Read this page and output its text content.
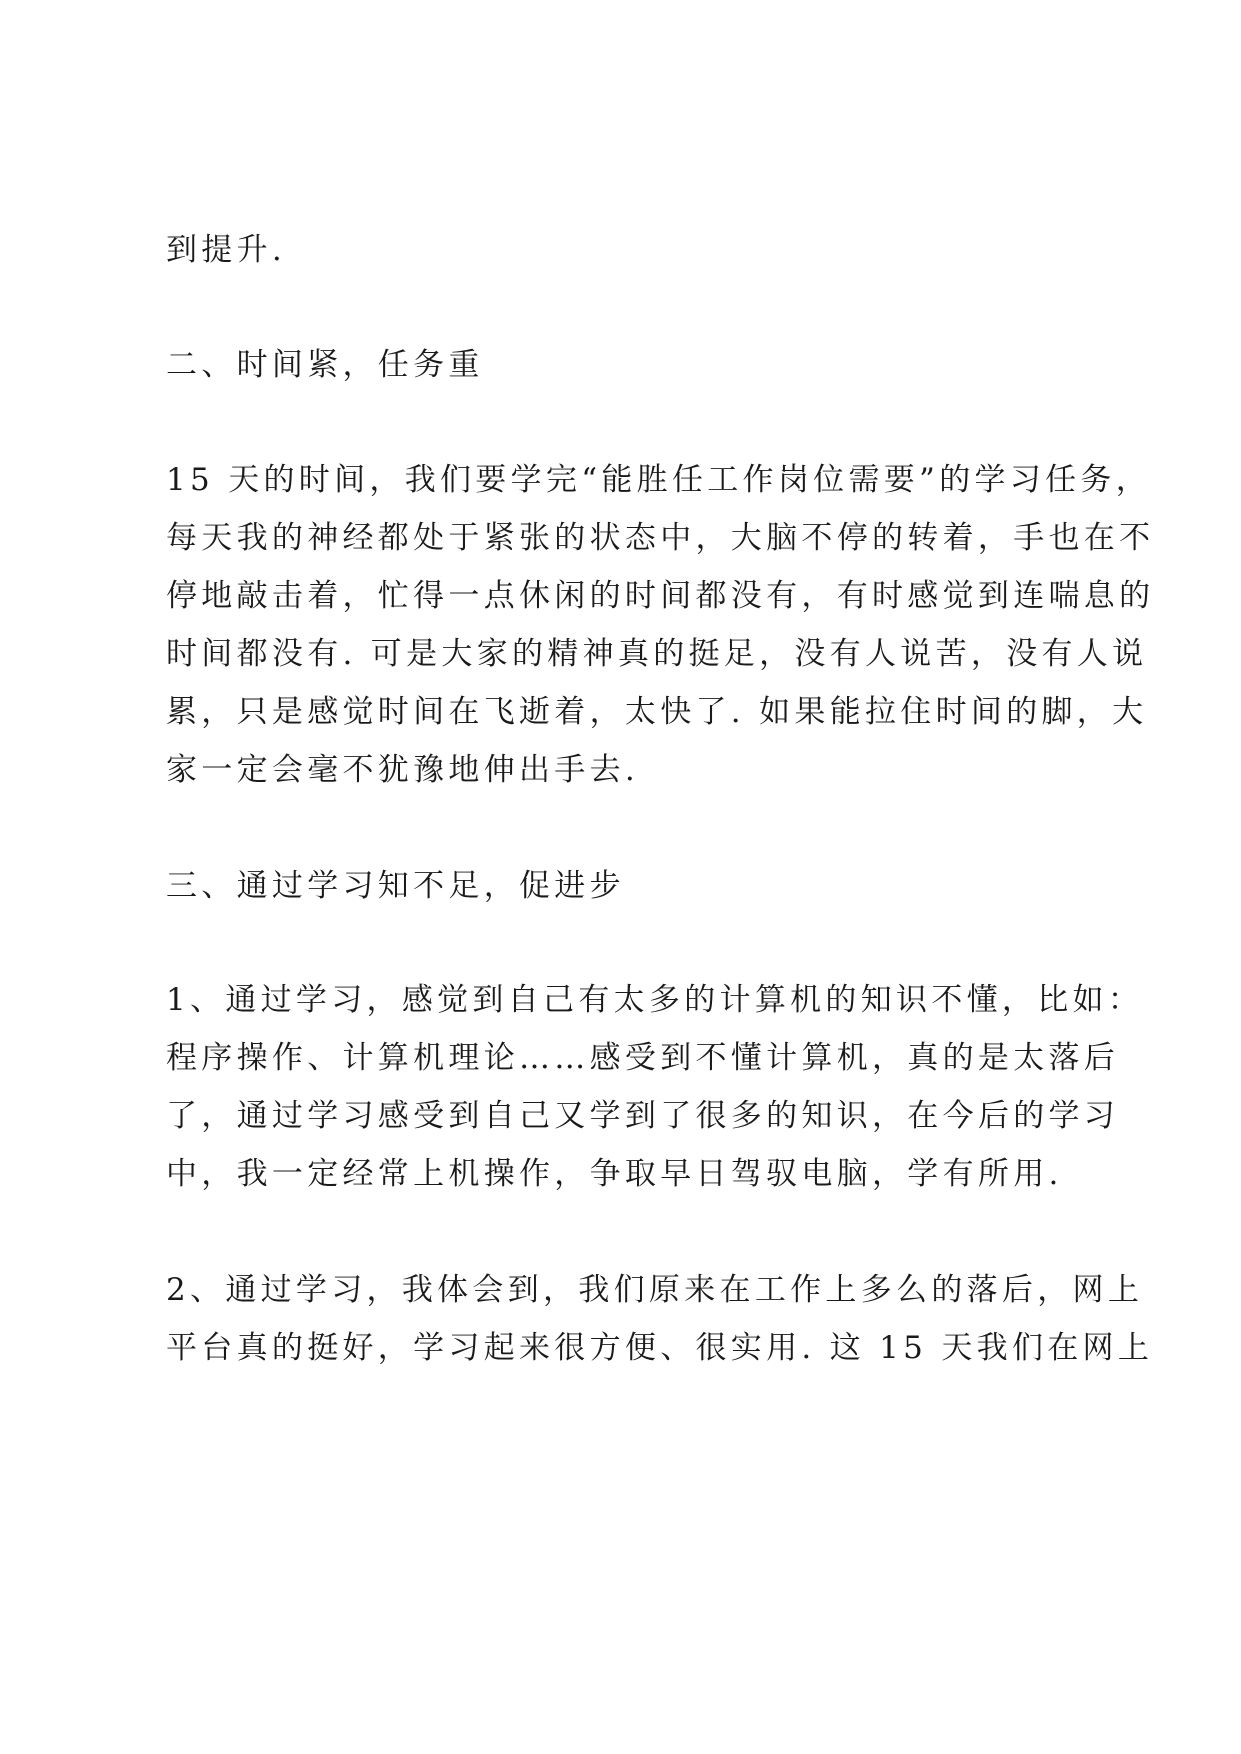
到提升.
二、时间紧，任务重
15 天的时间，我们要学完“能胜任工作岗位需要”的学习任务，
每天我的神经都处于紧张的状态中，大脑不停的转着，手也在不
停地敲击着，忙得一点休闲的时间都没有，有时感觉到连喘息的
时间都没有. 可是大家的精神真的挺足，没有人说苦，没有人说
累，只是感觉时间在飞逝着，太快了. 如果能拉住时间的脚，大
家一定会毫不犹豫地伸出手去.
三、通过学习知不足，促进步
1、通过学习，感觉到自己有太多的计算机的知识不懂，比如：
程序操作、计算机理论……感受到不懂计算机，真的是太落后
了，通过学习感受到自己又学到了很多的知识，在今后的学习
中，我一定经常上机操作，争取早日驾驭电脑，学有所用.
2、通过学习，我体会到，我们原来在工作上多么的落后，网上
平台真的挺好，学习起来很方便、很实用. 这 15 天我们在网上
